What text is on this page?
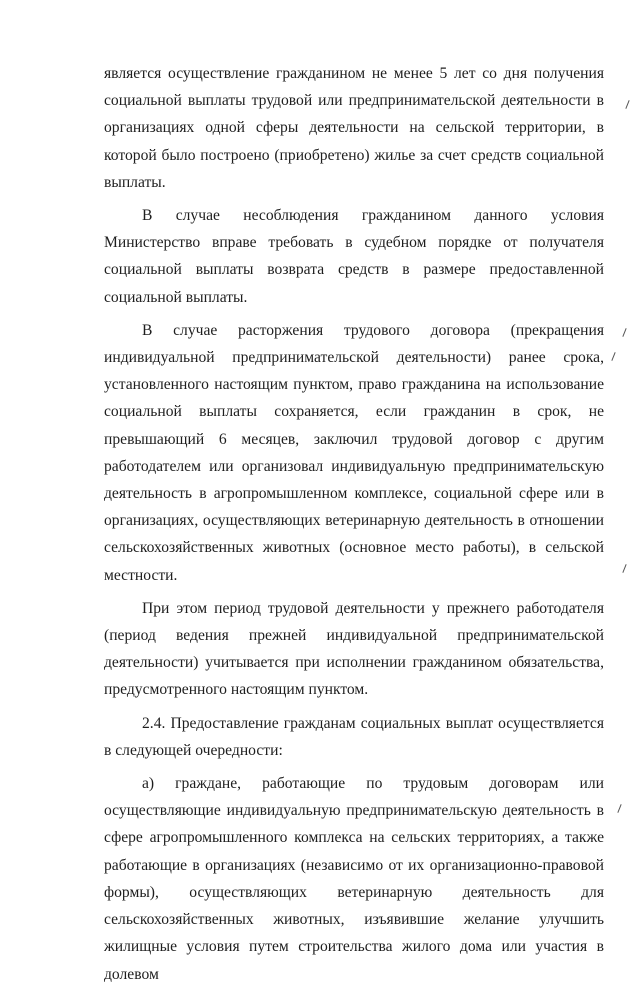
является осуществление гражданином не менее 5 лет со дня получения социальной выплаты трудовой или предпринимательской деятельности в организациях одной сферы деятельности на сельской территории, в которой было построено (приобретено) жилье за счет средств социальной выплаты.

В случае несоблюдения гражданином данного условия Министерство вправе требовать в судебном порядке от получателя социальной выплаты возврата средств в размере предоставленной социальной выплаты.

В случае расторжения трудового договора (прекращения индивидуальной предпринимательской деятельности) ранее срока, установленного настоящим пунктом, право гражданина на использование социальной выплаты сохраняется, если гражданин в срок, не превышающий 6 месяцев, заключил трудовой договор с другим работодателем или организовал индивидуальную предпринимательскую деятельность в агропромышленном комплексе, социальной сфере или в организациях, осуществляющих ветеринарную деятельность в отношении сельскохозяйственных животных (основное место работы), в сельской местности.

При этом период трудовой деятельности у прежнего работодателя (период ведения прежней индивидуальной предпринимательской деятельности) учитывается при исполнении гражданином обязательства, предусмотренного настоящим пунктом.

2.4. Предоставление гражданам социальных выплат осуществляется в следующей очередности:

а) граждане, работающие по трудовым договорам или осуществляющие индивидуальную предпринимательскую деятельность в сфере агропромышленного комплекса на сельских территориях, а также работающие в организациях (независимо от их организационно-правовой формы), осуществляющих ветеринарную деятельность для сельскохозяйственных животных, изъявившие желание улучшить жилищные условия путем строительства жилого дома или участия в долевом
